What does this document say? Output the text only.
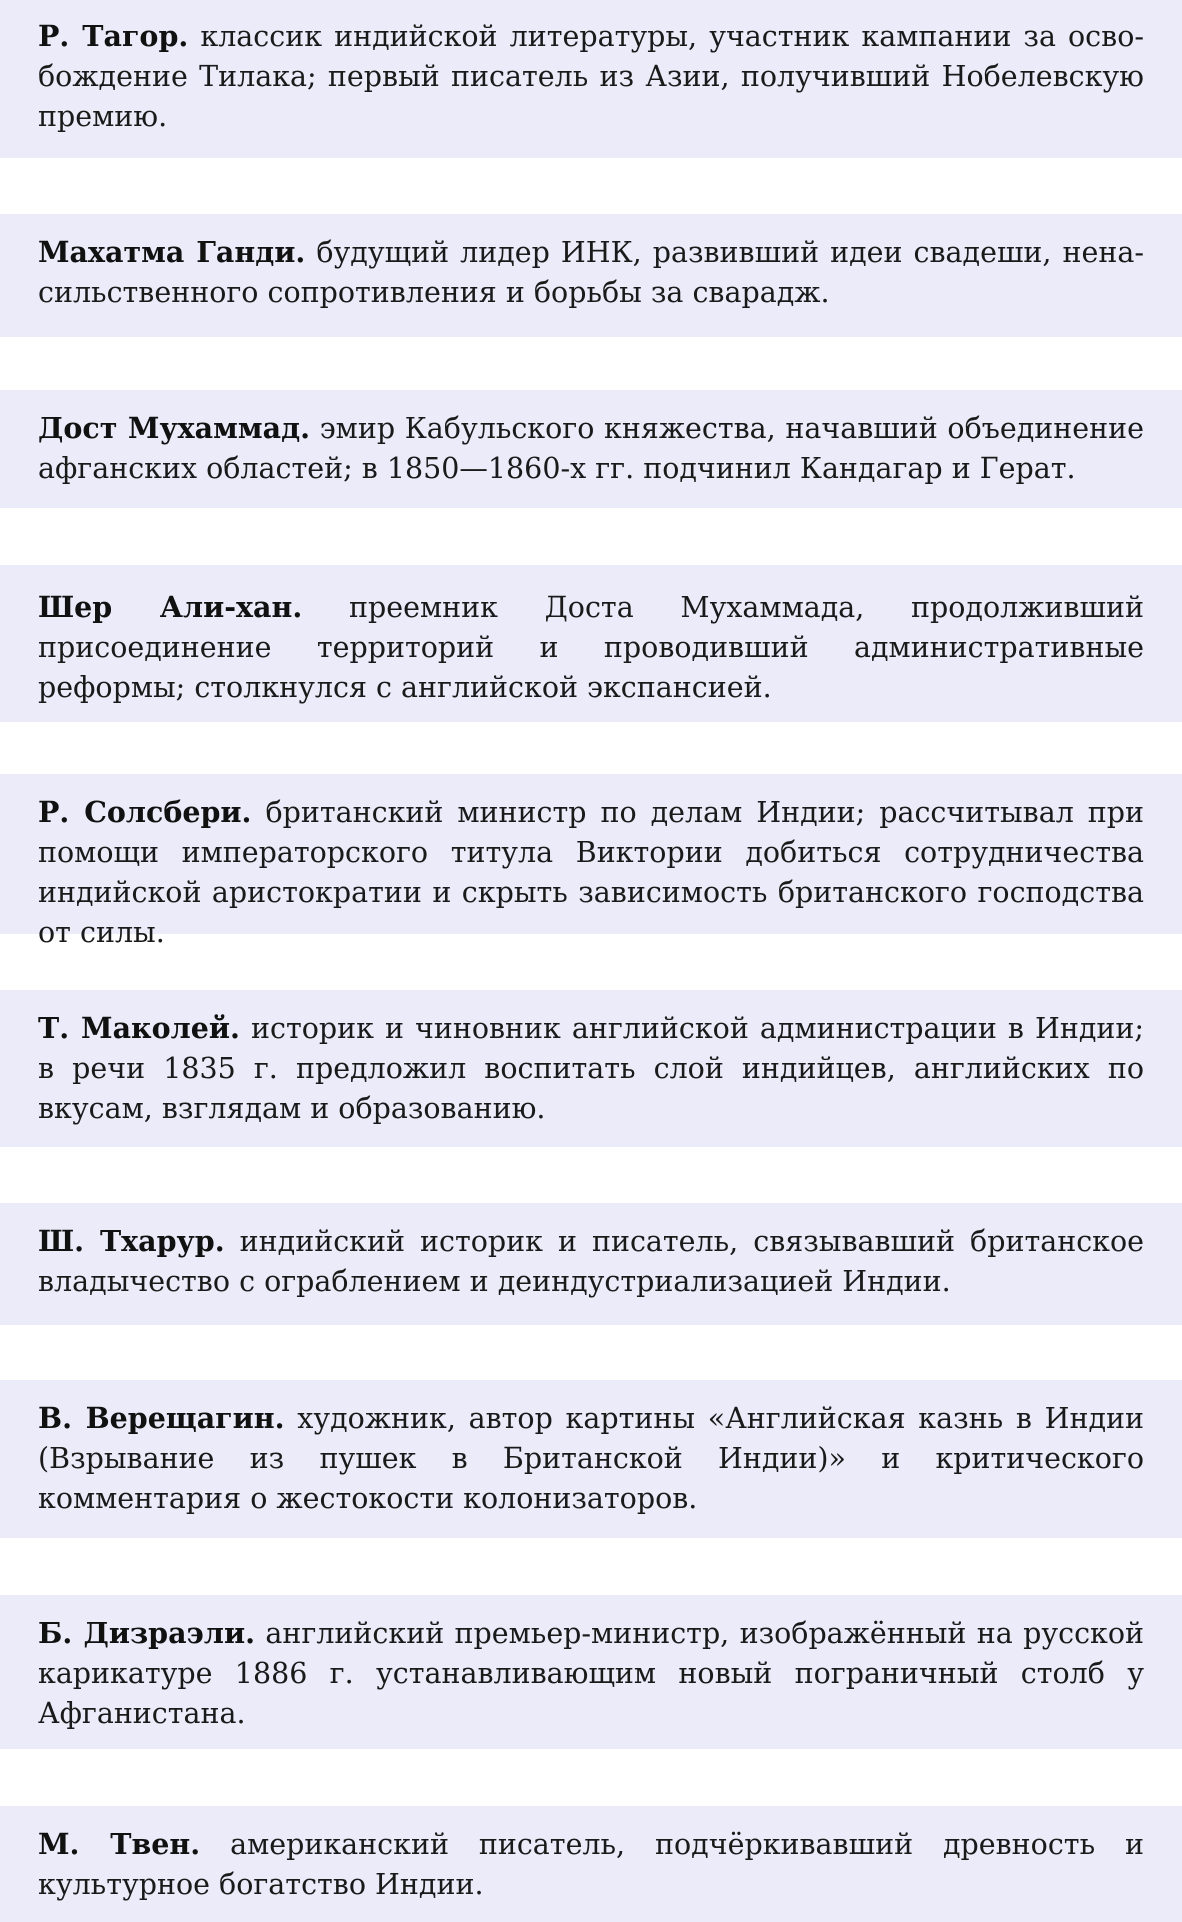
Р. Тагор. классик индийской литературы, участник кампании за освобождение Тилака; первый писатель из Азии, получивший Нобелевскую премию.

Махатма Ганди. будущий лидер ИНК, развивший идеи свадеши, ненасильственного сопротивления и борьбы за сварадж.

Дост Мухаммад. эмир Кабульского княжества, начавший объединение афганских областей; в 1850—1860-х гг. подчинил Кандагар и Герат.

Шер Али-хан. преемник Доста Мухаммада, продолживший присоединение территорий и проводивший административные реформы; столкнулся с английской экспансией.

Р. Солсбери. британский министр по делам Индии; рассчитывал при помощи императорского титула Виктории добиться сотрудничества индийской аристократии и скрыть зависимость британского господства от силы.

Т. Маколей. историк и чиновник английской администрации в Индии; в речи 1835 г. предложил воспитать слой индийцев, английских по вкусам, взглядам и образованию.

Ш. Тхарур. индийский историк и писатель, связывавший британское владычество с ограблением и деиндустриализацией Индии.

В. Верещагин. художник, автор картины «Английская казнь в Индии (Взрывание из пушек в Британской Индии)» и критического комментария о жестокости колонизаторов.

Б. Дизраэли. английский премьер-министр, изображённый на русской карикатуре 1886 г. устанавливающим новый пограничный столб у Афганистана.

М. Твен. американский писатель, подчёркивавший древность и культурное богатство Индии.
